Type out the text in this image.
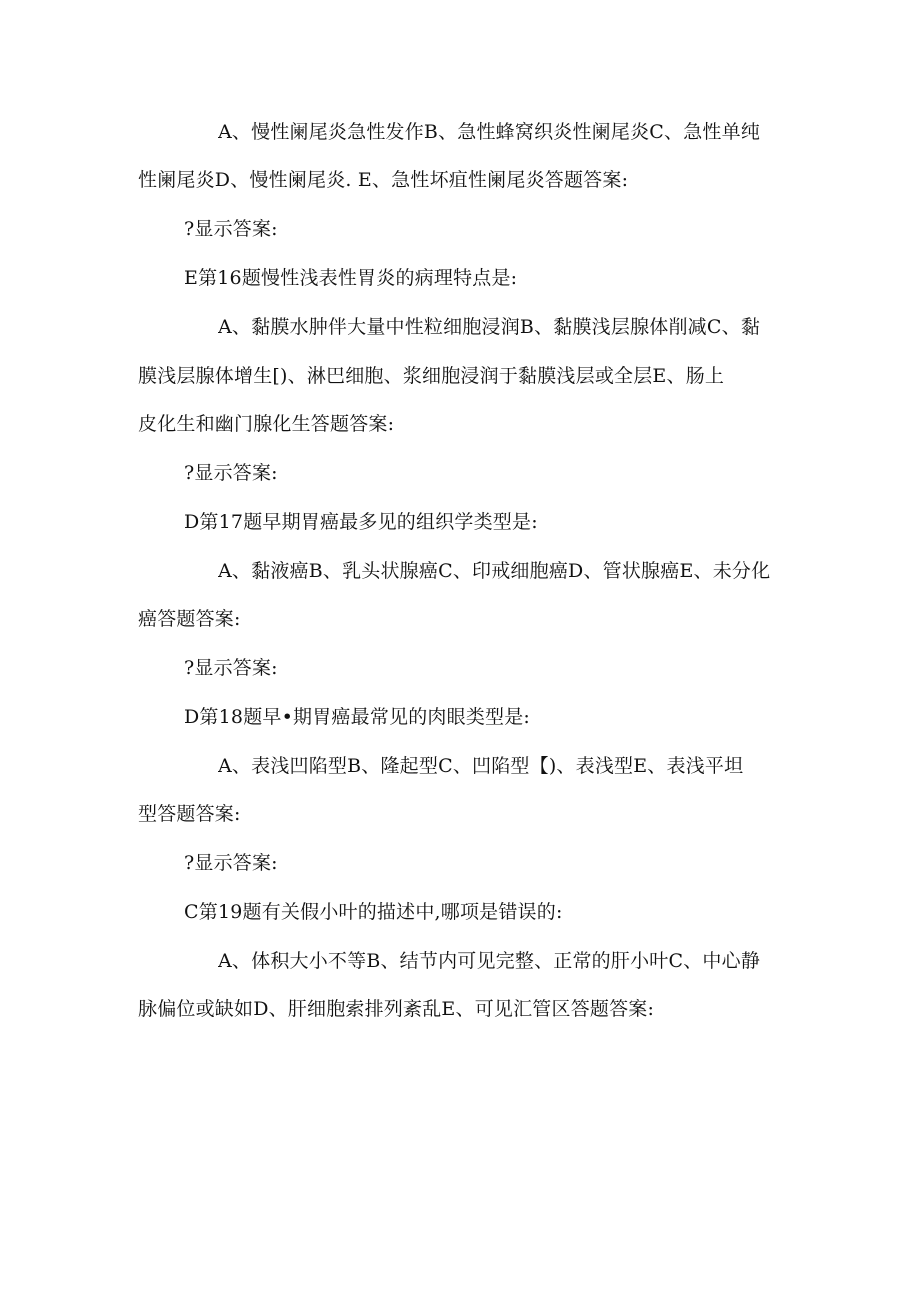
A、慢性阑尾炎急性发作B、急性蜂窝织炎性阑尾炎C、急性单纯
性阑尾炎D、慢性阑尾炎. E、急性坏疽性阑尾炎答题答案:
?显示答案:
E第16题慢性浅表性胃炎的病理特点是:
A、黏膜水肿伴大量中性粒细胞浸润B、黏膜浅层腺体削减C、黏
膜浅层腺体增生[)、淋巴细胞、浆细胞浸润于黏膜浅层或全层E、肠上
皮化生和幽门腺化生答题答案:
?显示答案:
D第17题早期胃癌最多见的组织学类型是:
A、黏液癌B、乳头状腺癌C、印戒细胞癌D、管状腺癌E、未分化
癌答题答案:
?显示答案:
D第18题早•期胃癌最常见的肉眼类型是:
A、表浅凹陷型B、隆起型C、凹陷型【)、表浅型E、表浅平坦
型答题答案:
?显示答案:
C第19题有关假小叶的描述中,哪项是错误的:
A、体积大小不等B、结节内可见完整、正常的肝小叶C、中心静
脉偏位或缺如D、肝细胞索排列紊乱E、可见汇管区答题答案:
